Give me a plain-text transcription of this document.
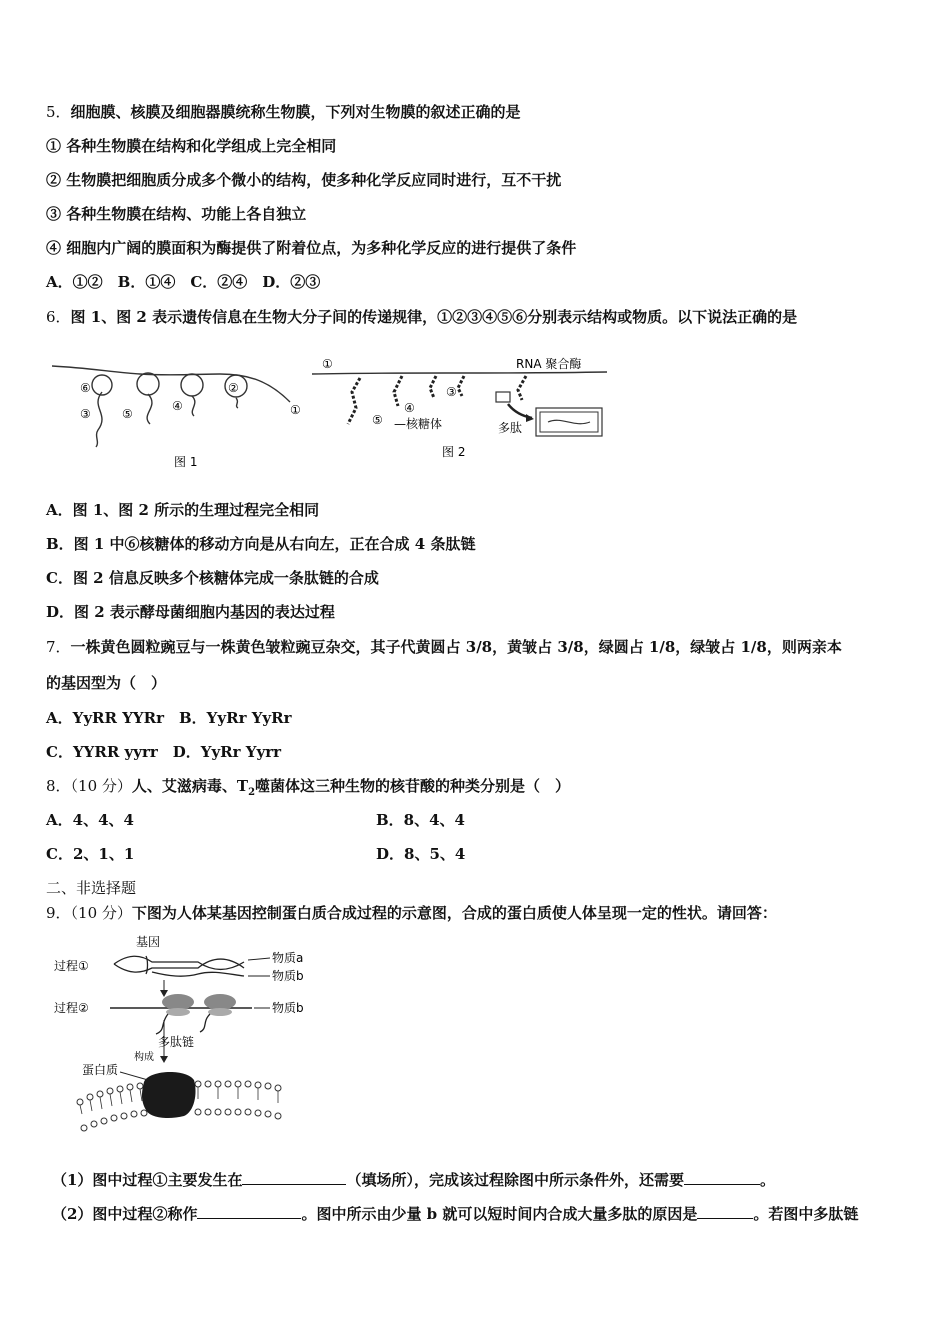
5．细胞膜、核膜及细胞器膜统称生物膜，下列对生物膜的叙述正确的是
① 各种生物膜在结构和化学组成上完全相同
② 生物膜把细胞质分成多个微小的结构，使多种化学反应同时进行，互不干扰
③ 各种生物膜在结构、功能上各自独立
④ 细胞内广阔的膜面积为酶提供了附着位点，为多种化学反应的进行提供了条件
A．①②　B．①④　C．②④　D．②③
6．图 1、图 2 表示遗传信息在生物大分子间的传递规律，①②③④⑤⑥分别表示结构或物质。以下说法正确的是
⑥
③	⑤
④
②
①
图 1
①	RNA 聚合酶
③
④
⑤ —核糖体	多肽
图 2
A．图 1、图 2 所示的生理过程完全相同
B．图 1 中⑥核糖体的移动方向是从右向左，正在合成 4 条肽链
C．图 2 信息反映多个核糖体完成一条肽链的合成
D．图 2 表示酵母菌细胞内基因的表达过程
7．一株黄色圆粒豌豆与一株黄色皱粒豌豆杂交，其子代黄圆占 3/8，黄皱占 3/8，绿圆占 1/8，绿皱占 1/8，则两亲本
的基因型为（　）
A．YyRR YYRr　B．YyRr YyRr
C．YYRR yyrr　D．YyRr Yyrr
8．（10 分）人、艾滋病毒、$T_2$噬菌体这三种生物的核苷酸的种类分别是（　）
A．4、4、4	B．8、4、4
C．2、1、1	D．8、5、4
二、非选择题
9．（10 分）下图为人体某基因控制蛋白质合成过程的示意图，合成的蛋白质使人体呈现一定的性状。请回答：
基因
过程①
物质a
物质b
过程②	物质b
多肽链
构成
蛋白质
（1）图中过程①主要发生在	（填场所），完成该过程除图中所示条件外，还需要	。
（2）图中过程②称作	。图中所示由少量 b 就可以短时间内合成大量多肽的原因是	。若图中多肽链
